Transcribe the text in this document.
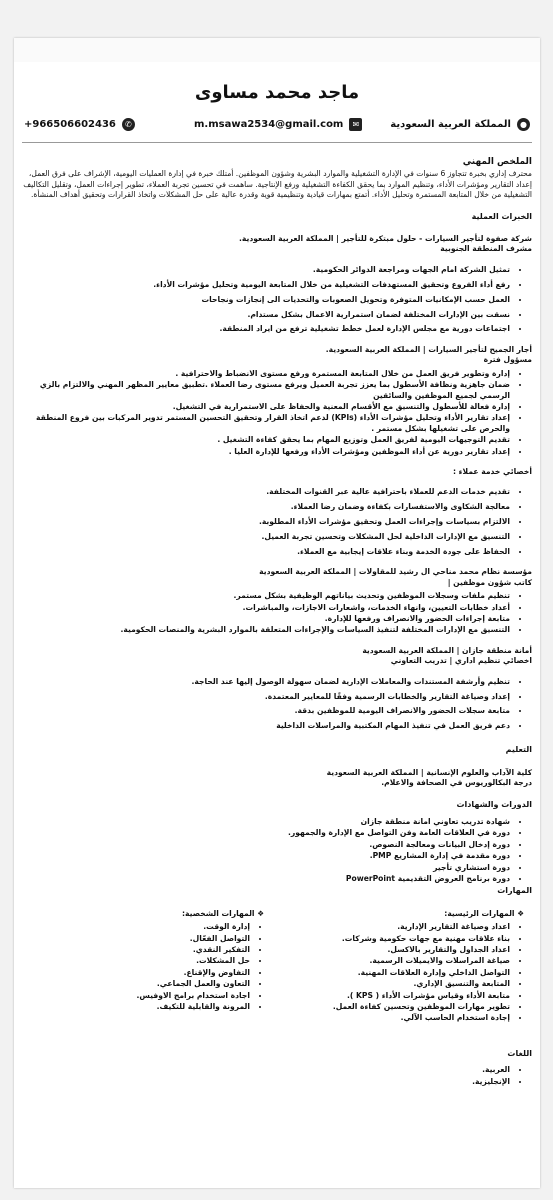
ماجد محمد مساوى
+966506602436	✆	m.msawa2534@gmail.com	✉	المملكة العربية السعودية	●
الملخص المهني

محترف إداري بخبرة تتجاوز 6 سنوات في الإدارة التشغيلية والموارد البشرية وشؤون الموظفين. أمتلك خبرة في إدارة العمليات اليومية، الإشراف على فرق العمل، إعداد التقارير ومؤشرات الأداء، وتنظيم الموارد بما يحقق الكفاءة التشغيلية ورفع الإنتاجية. ساهمت في تحسين تجربة العملاء، تطوير إجراءات العمل، وتقليل التكاليف التشغيلية من خلال المتابعة المستمرة وتحليل الأداء. أتمتع بمهارات قيادية وتنظيمية قوية وقدرة عالية على حل المشكلات واتخاذ القرارات وتحقيق أهداف المنشأة.

الخبرات العملية
شركة صفوة لتأجير السيارات - حلول مبتكرة للتأجير | المملكة العربية السعودية.
مشرف المنطقة الجنوبية
• تمثيل الشركة امام الجهات ومراجعة الدوائر الحكومية.
• رفع أداء الفروع وتحقيق المستهدفات التشغيلية من خلال المتابعة اليومية وتحليل مؤشرات الأداء.
• العمل حسب الإمكانيات المتوفرة وتحويل الصعوبات والتحديات الى إنجازات ونجاحات
• نسقت بين الإدارات المختلفة لضمان استمرارية الاعمال بشكل مستدام.
• اجتماعات دورية مع مجلس الإدارة لعمل خطط تشغيلية ترفع من ايراد المنطقة.
أجار الجميح لتأجير السيارات | المملكة العربية السعودية.
مسؤول فترة
• إدارة وتطوير فريق العمل من خلال المتابعة المستمرة ورفع مستوى الانضباط والاحترافية .
• ضمان جاهزية ونظافة الأسطول بما يعزز تجربة العميل ويرفع مستوى رضا العملاء .تطبيق معايير المظهر المهني والالتزام بالزي الرسمي لجميع الموظفين والسائقين
• إدارة فعالة للأسطول والتنسيق مع الأقسام المعنية والحفاظ على الاستمرارية في التشغيل.
• إعداد تقارير الأداء وتحليل مؤشرات الأداء (KPIs) لدعم اتخاذ القرار وتحقيق التحسين المستمر تدوير المركبات بين فروع المنطقة والحرص على تشغيلها بشكل مستمر .
• تقديم التوجيهات اليومية لفريق العمل وتوزيع المهام بما يحقق كفاءة التشغيل .
• إعداد تقارير دورية عن أداء الموظفين ومؤشرات الأداء ورفعها للإدارة العليا .
أخصائي خدمة عملاء :
• تقديم خدمات الدعم للعملاء باحترافية عالية عبر القنوات المختلفة.
• معالجة الشكاوى والاستفسارات بكفاءة وضمان رضا العملاء.
• الالتزام بسياسات وإجراءات العمل وتحقيق مؤشرات الأداء المطلوبة.
• التنسيق مع الإدارات الداخلية لحل المشكلات وتحسين تجربة العميل.
• الحفاظ على جودة الخدمة وبناء علاقات إيجابية مع العملاء.
مؤسسة نظام محمد مناحي ال رشيد للمقاولات | المملكة العربية السعودية
كاتب شؤون موظفين |
• تنظيم ملفات وسجلات الموظفين وتحديث بياناتهم الوظيفية بشكل مستمر.
• أعداد خطابات التعيين، وانهاء الخدمات، واشعارات الاجازات، والمباشرات.
• متابعة إجراءات الحضور والانصراف ورفعها للإدارة.
• التنسيق مع الإدارات المختلفة لتنفيذ السياسات والإجراءات المتعلقة بالموارد البشرية والمنصات الحكومية.
أمانة منطقة جازان | المملكة العربية السعودية
اخصائي تنظيم اداري | تدريب التعاوني
• تنظيم وأرشفة المستندات والمعاملات الإدارية لضمان سهولة الوصول إليها عند الحاجة.
• إعداد وصياغة التقارير والخطابات الرسمية وفقًا للمعايير المعتمدة.
• متابعة سجلات الحضور والانصراف اليومية للموظفين بدقة.
• دعم فريق العمل في تنفيذ المهام المكتبية والمراسلات الداخلية
التعليم
كلية الآداب والعلوم الإنسانية | المملكة العربية السعودية
درجة البكالوريوس في الصحافة والاعلام.
الدورات والشهادات
• شهادة تدريب تعاوني امانة منطقة جازان
• دورة في العلاقات العامة وفن التواصل مع الإدارة والجمهور.
• دورة إدخال البيانات ومعالجة النصوص.
• دورة مقدمة في إدارة المشاريع PMP.
• دورة استشاري تأجير
• دورة برنامج العروض التقديمية PowerPoint
المهارات
❖ المهارات الرئيسية:
• اعداد وصياغة التقارير الإدارية.
• بناء علاقات مهنية مع جهات حكومية وشركات.
• اعداد الجداول والتقارير بالاكسل.
• صياغة المراسلات والايميلات الرسمية.
• التواصل الداخلي وإدارة العلاقات المهنية.
• المتابعة والتنسيق الإداري.
• متابعة الأداء وقياس مؤشرات الأداء ( KPS ).
• تطوير مهارات الموظفين وتحسين كفاءة العمل.
• إجادة استخدام الحاسب الآلي.
❖ المهارات الشخصية:
• إدارة الوقت.
• التواصل الفعّال.
• التفكير النقدي.
• حل المشكلات.
• التفاوض والإقناع.
• التعاون والعمل الجماعي.
• اجادة استخدام برامج الاوفيس.
• المرونة والقابلية للتكيف.
اللغات
• العربية.
• الإنجليزية.
